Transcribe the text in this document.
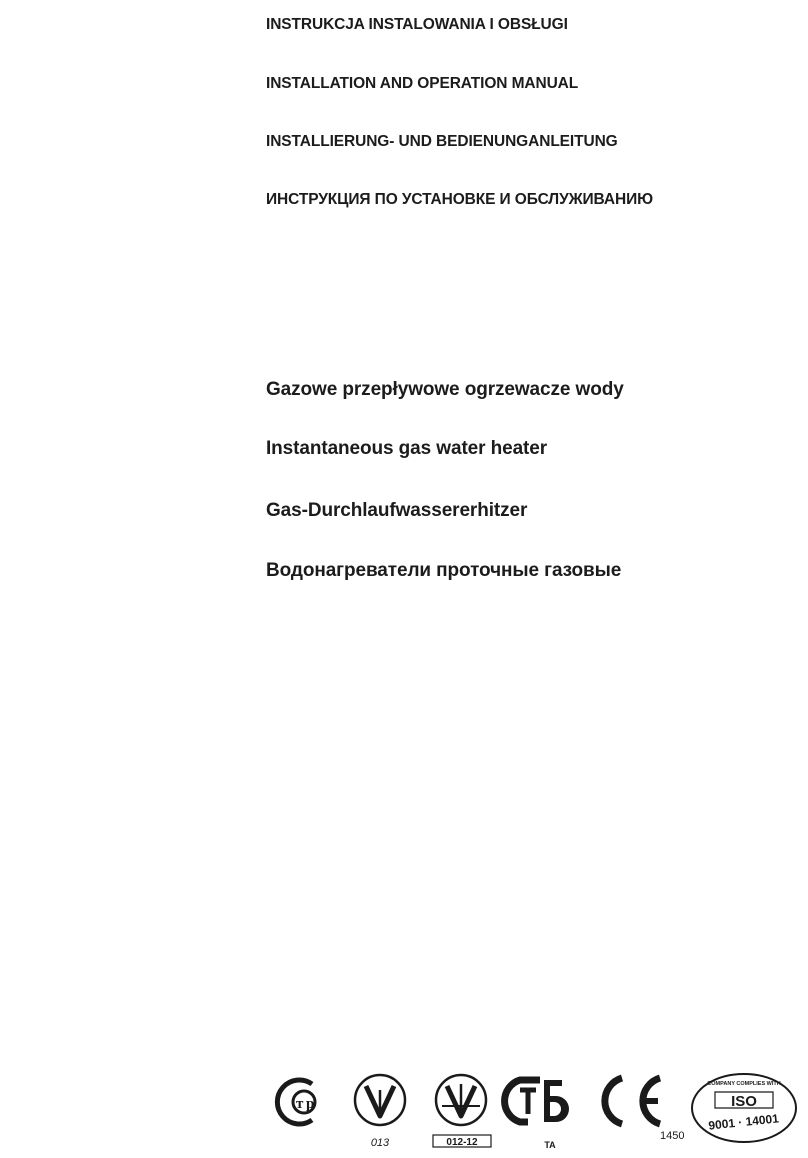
INSTRUKCJA INSTALOWANIA I OBSŁUGI
INSTALLATION AND OPERATION MANUAL
INSTALLIERUNG- UND BEDIENUNGANLEITUNG
ИНСТРУКЦИЯ ПО УСТАНОВКЕ И ОБСЛУЖИВАНИЮ
Gazowe przepływowe ogrzewacze wody
Instantaneous gas water heater
Gas-Durchlaufwassererhitzer
Водонагреватели проточные газовые
т р
013	012-12	TA
1450
COMPANY COMPLIES WITH
ISO
9001 · 14001
